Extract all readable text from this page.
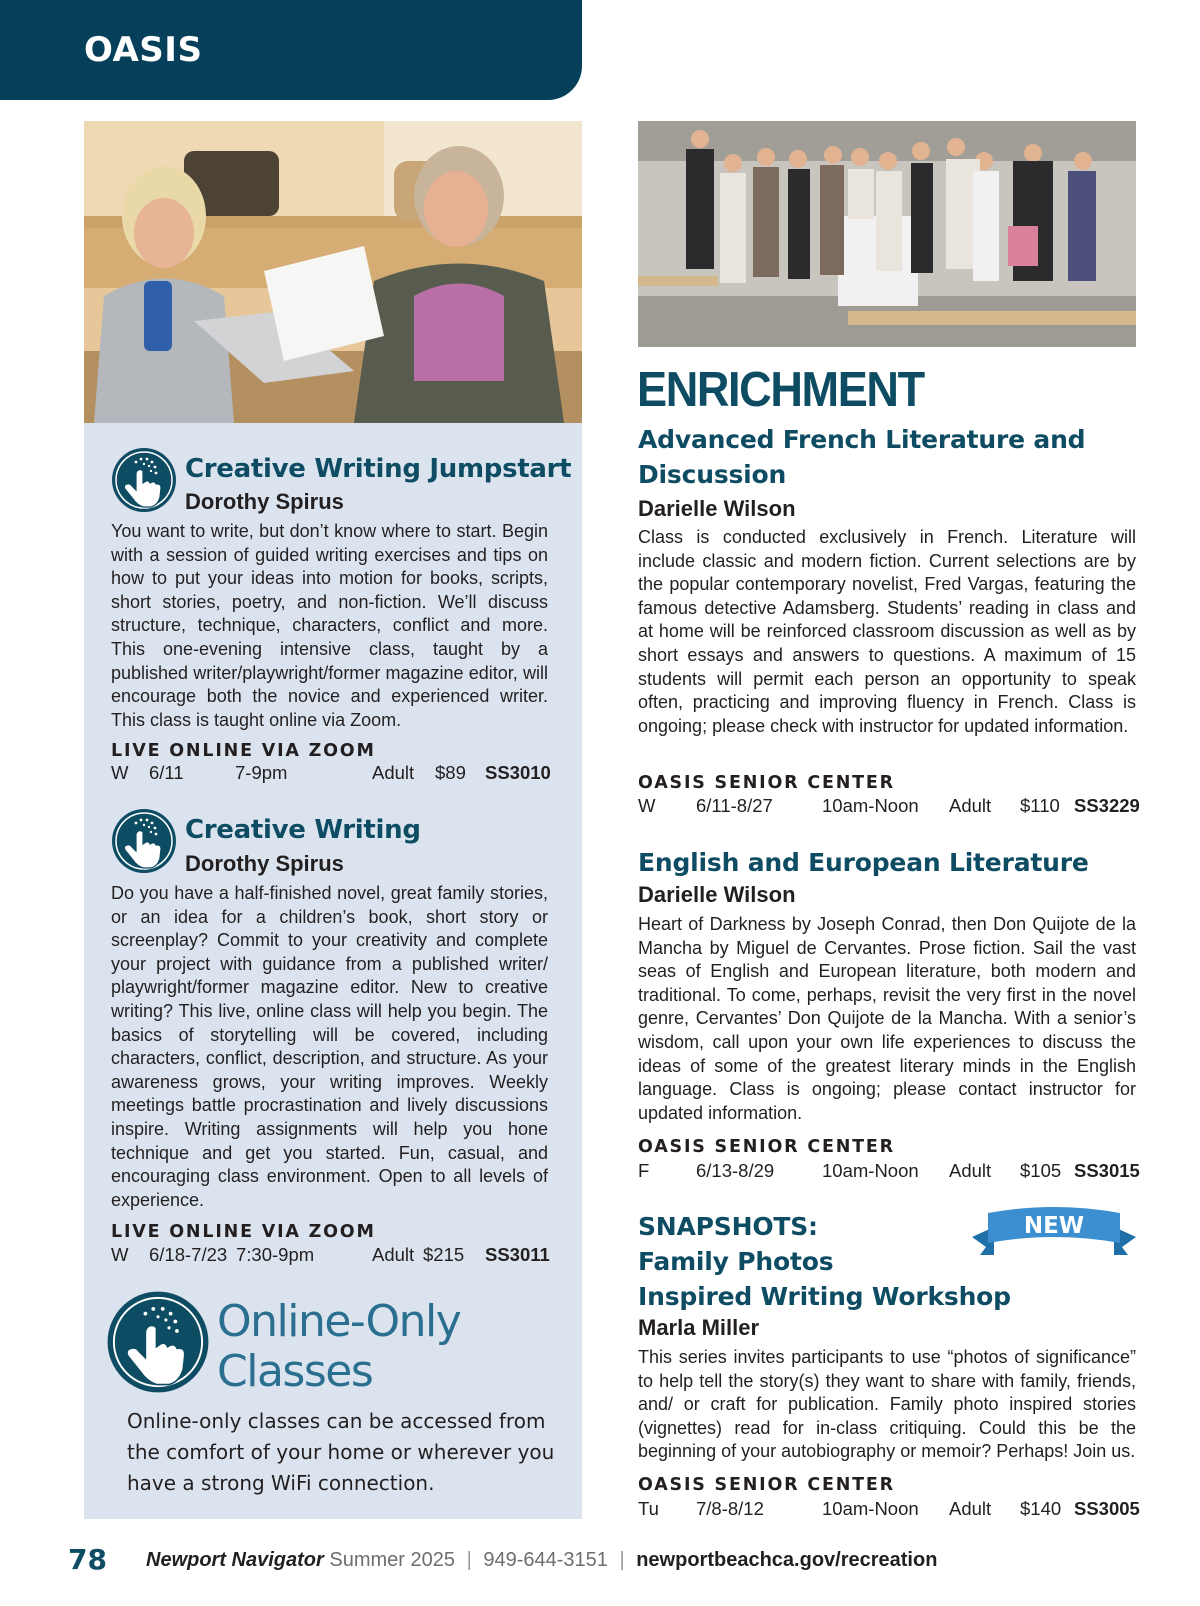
OASIS
Creative Writing Jumpstart
Dorothy Spirus
You want to write, but don’t know where to start. Begin with a session of guided writing exercises and tips on how to put your ideas into motion for books, scripts, short stories, poetry, and non-fiction. We’ll discuss structure, technique, characters, conflict and more. This one-evening intensive class, taught by a published writer/playwright/former magazine editor, will encourage both the novice and experienced writer. This class is taught online via Zoom.
LIVE ONLINE VIA ZOOM
W 6/11	7-9pm	Adult $89 SS3010
Creative Writing
Dorothy Spirus
Do you have a half-finished novel, great family stories, or an idea for a children’s book, short story or screenplay? Commit to your creativity and complete your project with guidance from a published writer/ playwright/former magazine editor. New to creative writing? This live, online class will help you begin. The basics of storytelling will be covered, including characters, conflict, description, and structure. As your awareness grows, your writing improves. Weekly meetings battle procrastination and lively discussions inspire. Writing assignments will help you hone technique and get you started. Fun, casual, and encouraging class environment. Open to all levels of experience.
LIVE ONLINE VIA ZOOM
W 6/18-7/23 7:30-9pm	Adult $215 SS3011
Online-Only
Classes
Online-only classes can be accessed from the comfort of your home or wherever you have a strong WiFi connection.
ENRICHMENT
Advanced French Literature and
Discussion
Darielle Wilson
Class is conducted exclusively in French. Literature will include classic and modern fiction. Current selections are by the popular contemporary novelist, Fred Vargas, featuring the famous detective Adamsberg. Students’ reading in class and at home will be reinforced classroom discussion as well as by short essays and answers to questions. A maximum of 15 students will permit each person an opportunity to speak often, practicing and improving fluency in French. Class is ongoing; please check with instructor for updated information.
OASIS SENIOR CENTER
W 6/11-8/27	10am-Noon Adult $110 SS3229
English and European Literature
Darielle Wilson
Heart of Darkness by Joseph Conrad, then Don Quijote de la Mancha by Miguel de Cervantes. Prose fiction. Sail the vast seas of English and European literature, both modern and traditional. To come, perhaps, revisit the very first in the novel genre, Cervantes’ Don Quijote de la Mancha. With a senior’s wisdom, call upon your own life experiences to discuss the ideas of some of the greatest literary minds in the English language. Class is ongoing; please contact instructor for updated information.
OASIS SENIOR CENTER
F	6/13-8/29	10am-Noon Adult $105 SS3015
SNAPSHOTS:
Family Photos
Inspired Writing Workshop
NEW
Marla Miller
This series invites participants to use “photos of significance” to help tell the story(s) they want to share with family, friends, and/ or craft for publication. Family photo inspired stories (vignettes) read for in-class critiquing. Could this be the beginning of your autobiography or memoir? Perhaps! Join us.
OASIS SENIOR CENTER
Tu 7/8-8/12	10am-Noon Adult $140 SS3005
78 Newport Navigator Summer 2025 | 949-644-3151 | newportbeachca.gov/recreation
